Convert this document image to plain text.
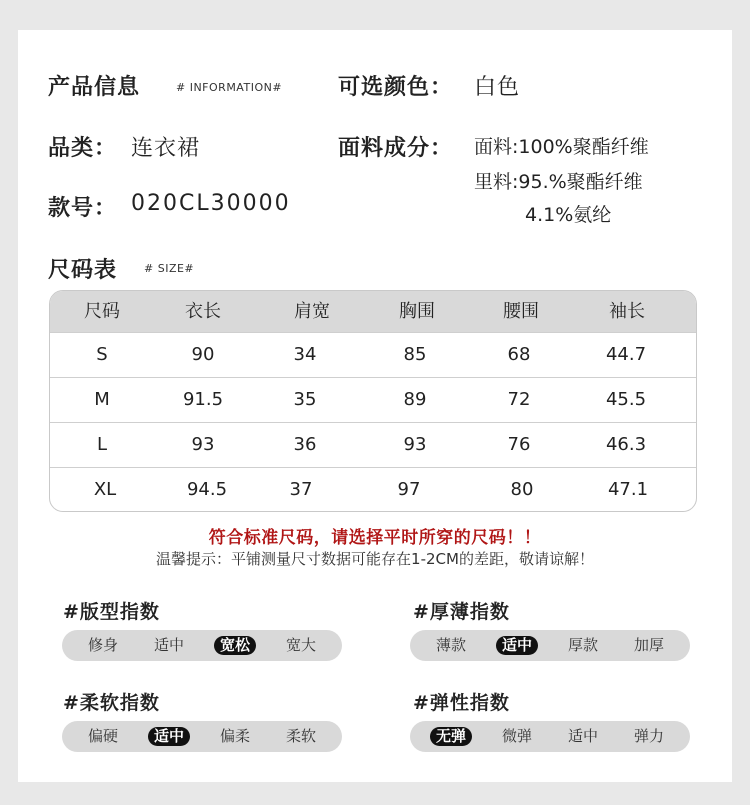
产品信息	# INFORMATION#
品类： 连衣裙
款号： 020CL30000
可选颜色： 白色
面料成分： 面料:100%聚酯纤维
里料:95.%聚酯纤维
4.1%氨纶
尺码表 # SIZE#
尺码	衣长	肩宽	胸围	腰围	袖长
S	90	34	85	68	44.7
M	91.5	35	89	72	45.5
L	93	36	93	76	46.3
XL	94.5	37	97	80	47.1
符合标准尺码，请选择平时所穿的尺码！！
温馨提示：平铺测量尺寸数据可能存在1-2CM的差距，敬请谅解！
#版型指数
修身 适中	宽松	宽大
#厚薄指数
薄款	适中	厚款 加厚
#柔软指数
偏硬	适中	偏柔 柔软
#弹性指数
无弹	微弹 适中 弹力
